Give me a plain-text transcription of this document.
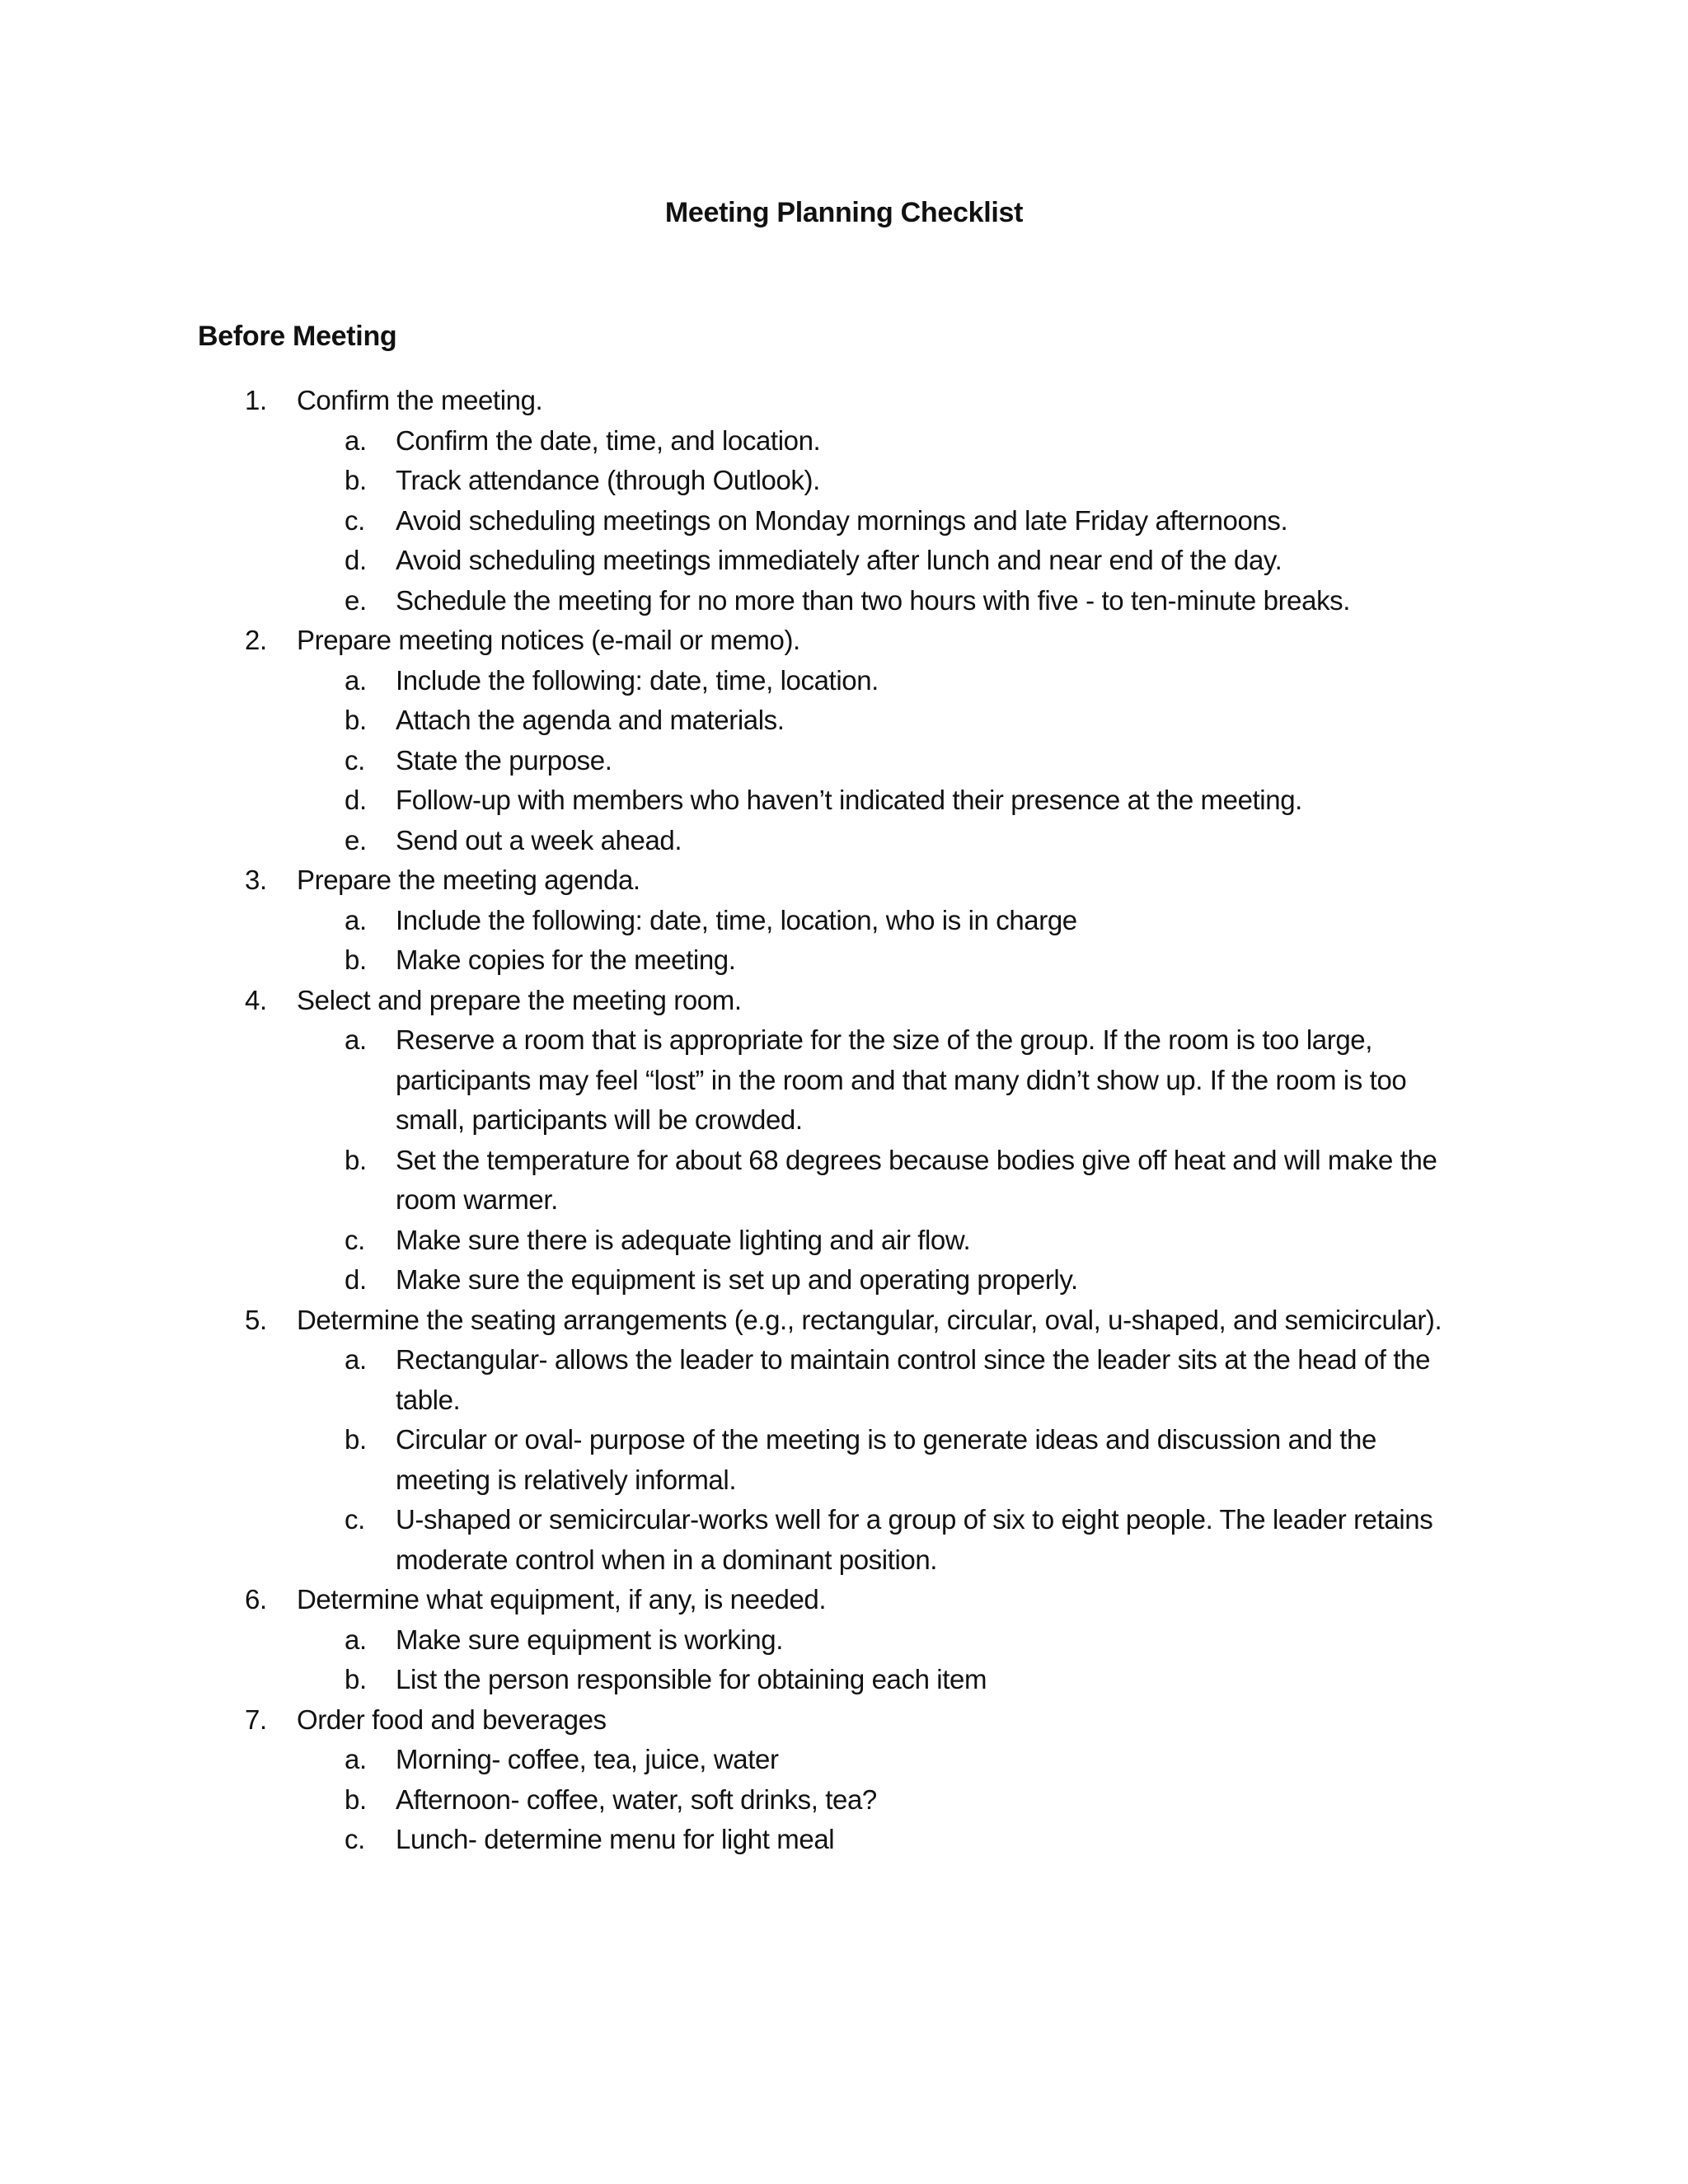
Meeting Planning Checklist
Before Meeting
1.	Confirm the meeting.
a.	Confirm the date, time, and location.
b.	Track attendance (through Outlook).
c.	Avoid scheduling meetings on Monday mornings and late Friday afternoons.
d.	Avoid scheduling meetings immediately after lunch and near end of the day.
e.	Schedule the meeting for no more than two hours with five - to ten-minute breaks.
2.	Prepare meeting notices (e-mail or memo).
a.	Include the following: date, time, location.
b.	Attach the agenda and materials.
c.	State the purpose.
d.	Follow-up with members who haven’t indicated their presence at the meeting.
e.	Send out a week ahead.
3.	Prepare the meeting agenda.
a.	Include the following: date, time, location, who is in charge
b.	Make copies for the meeting.
4.	Select and prepare the meeting room.
a.	Reserve a room that is appropriate for the size of the group. If the room is too large, participants may feel “lost” in the room and that many didn’t show up. If the room is too small, participants will be crowded.
b.	Set the temperature for about 68 degrees because bodies give off heat and will make the room warmer.
c.	Make sure there is adequate lighting and air flow.
d.	Make sure the equipment is set up and operating properly.
5.	Determine the seating arrangements (e.g., rectangular, circular, oval, u-shaped, and semicircular).
a.	Rectangular- allows the leader to maintain control since the leader sits at the head of the table.
b.	Circular or oval- purpose of the meeting is to generate ideas and discussion and the meeting is relatively informal.
c.	U-shaped or semicircular-works well for a group of six to eight people. The leader retains moderate control when in a dominant position.
6.	Determine what equipment, if any, is needed.
a.	Make sure equipment is working.
b.	List the person responsible for obtaining each item
7.	Order food and beverages
a.	Morning- coffee, tea, juice, water
b.	Afternoon- coffee, water, soft drinks, tea?
c.	Lunch- determine menu for light meal
